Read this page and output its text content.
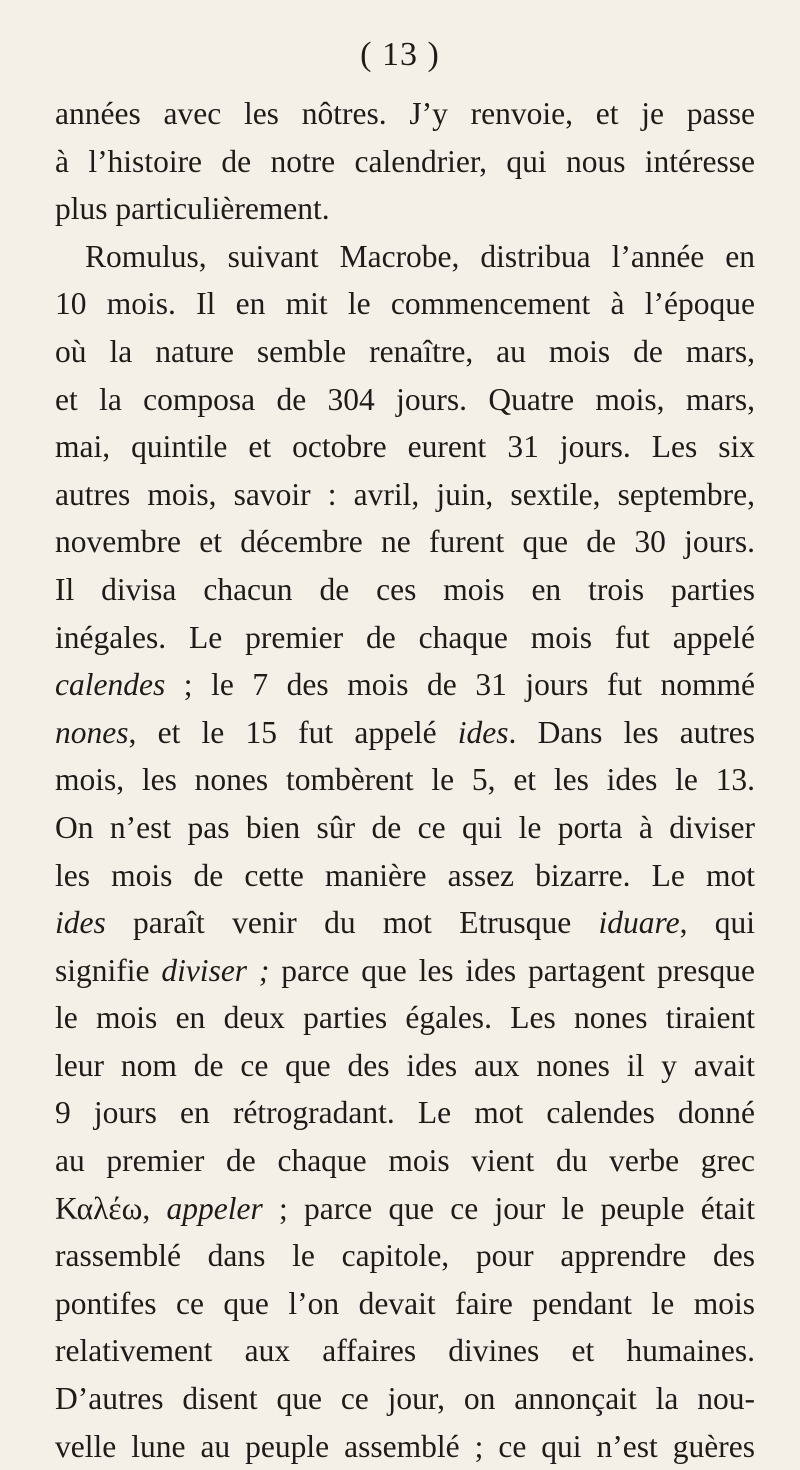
( 13 )
années avec les nôtres. J’y renvoie, et je passe
à l’histoire de notre calendrier, qui nous intéresse
plus particulièrement.
Romulus, suivant Macrobe, distribua l’année en
10 mois. Il en mit le commencement à l’époque
où la nature semble renaître, au mois de mars,
et la composa de 304 jours. Quatre mois, mars,
mai, quintile et octobre eurent 31 jours. Les six
autres mois, savoir : avril, juin, sextile, septembre,
novembre et décembre ne furent que de 30 jours.
Il divisa chacun de ces mois en trois parties
inégales. Le premier de chaque mois fut appelé
calendes ; le 7 des mois de 31 jours fut nommé
nones, et le 15 fut appelé ides. Dans les autres
mois, les nones tombèrent le 5, et les ides le 13.
On n’est pas bien sûr de ce qui le porta à diviser
les mois de cette manière assez bizarre. Le mot
ides paraît venir du mot Etrusque iduare, qui
signifie diviser ; parce que les ides partagent presque
le mois en deux parties égales. Les nones tiraient
leur nom de ce que des ides aux nones il y avait
9 jours en rétrogradant. Le mot calendes donné
au premier de chaque mois vient du verbe grec
Καλέω, appeler ; parce que ce jour le peuple était
rassemblé dans le capitole, pour apprendre des
pontifes ce que l’on devait faire pendant le mois
relativement aux affaires divines et humaines.
D’autres disent que ce jour, on annonçait la nou-
velle lune au peuple assemblé ; ce qui n’est guères
